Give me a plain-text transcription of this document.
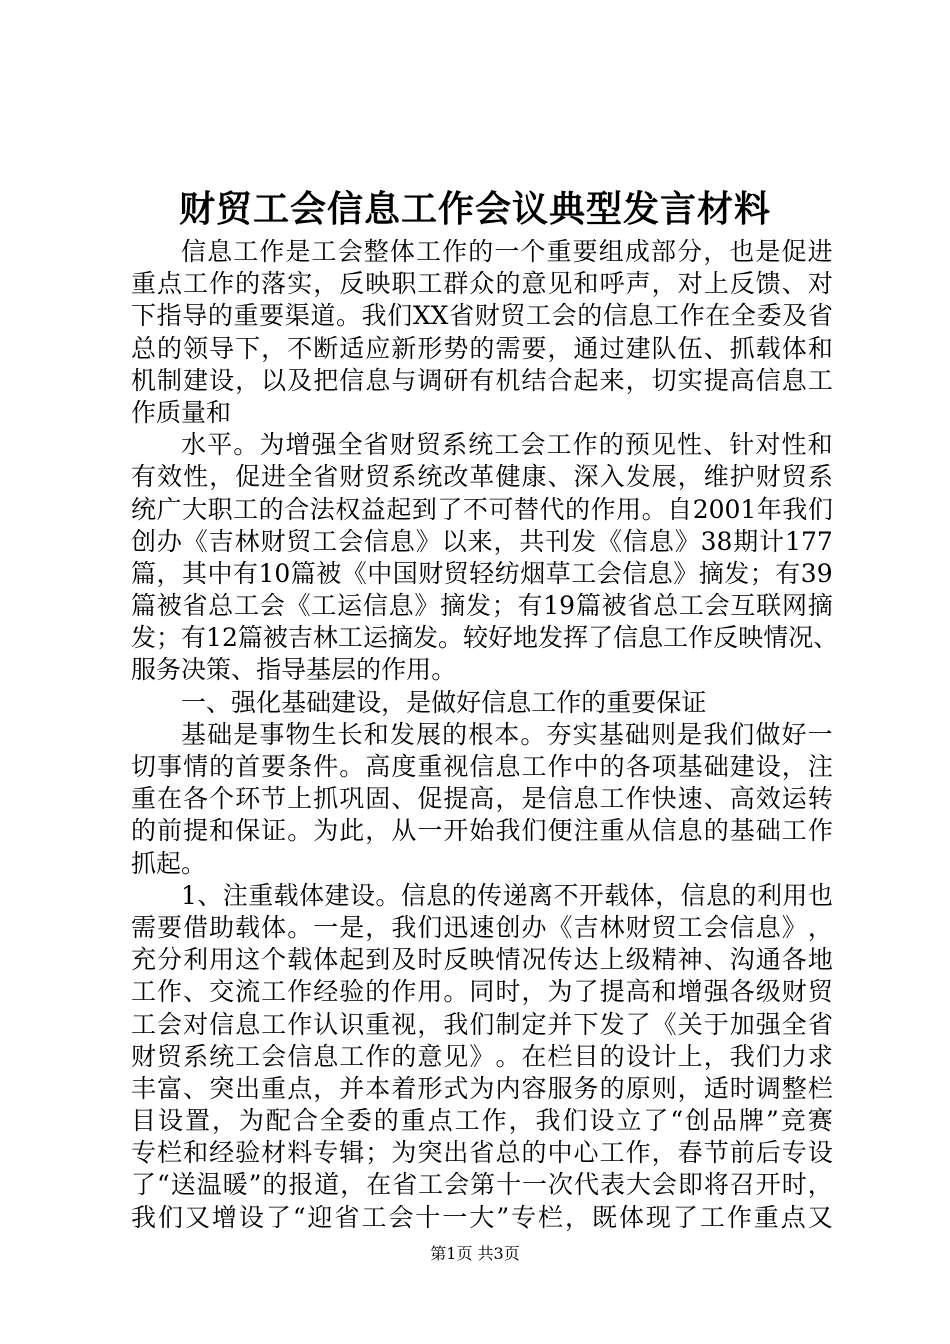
财贸工会信息工作会议典型发言材料
信 息 工 作 是 工 会 整 体 工 作 的 一 个 重 要 组 成 部 分 ， 也 是 促 进
重 点 工 作 的 落 实 ， 反 映 职 工 群 众 的 意 见 和 呼 声 ， 对 上 反 馈 、 对
下 指 导 的 重 要 渠 道 。 我 们 XX 省 财 贸 工 会 的 信 息 工 作 在 全 委 及 省
总 的 领 导 下 ， 不 断 适 应 新 形 势 的 需 要 ， 通 过 建 队 伍 、 抓 载 体 和
机 制 建 设 ， 以 及 把 信 息 与 调 研 有 机 结 合 起 来 ， 切 实 提 高 信 息 工
作 质 量 和
水 平 。 为 增 强 全 省 财 贸 系 统 工 会 工 作 的 预 见 性 、 针 对 性 和
有 效 性 ， 促 进 全 省 财 贸 系 统 改 革 健 康 、 深 入 发 展 ， 维 护 财 贸 系
统 广 大 职 工 的 合 法 权 益 起 到 了 不 可 替 代 的 作 用 。 自 2001 年 我 们
创 办 《 吉 林 财 贸 工 会 信 息 》 以 来 ， 共 刊 发 《 信 息 》 38 期 计 177
篇 ， 其 中 有 10 篇 被 《 中 国 财 贸 轻 纺 烟 草 工 会 信 息 》 摘 发 ； 有 39
篇 被 省 总 工 会 《 工 运 信 息 》 摘 发 ； 有 19 篇 被 省 总 工 会 互 联 网 摘
发 ； 有 12 篇 被 吉 林 工 运 摘 发 。 较 好 地 发 挥 了 信 息 工 作 反 映 情 况 、
服 务 决 策 、 指 导 基 层 的 作 用 。
一 、 强 化 基 础 建 设 ， 是 做 好 信 息 工 作 的 重 要 保 证
基 础 是 事 物 生 长 和 发 展 的 根 本 。 夯 实 基 础 则 是 我 们 做 好 一
切 事 情 的 首 要 条 件 。 高 度 重 视 信 息 工 作 中 的 各 项 基 础 建 设 ， 注
重 在 各 个 环 节 上 抓 巩 固 、 促 提 高 ， 是 信 息 工 作 快 速 、 高 效 运 转
的 前 提 和 保 证 。 为 此 ， 从 一 开 始 我 们 便 注 重 从 信 息 的 基 础 工 作
抓 起 。
1 、 注 重 载 体 建 设 。 信 息 的 传 递 离 不 开 载 体 ， 信 息 的 利 用 也
需 要 借 助 载 体 。 一 是 ， 我 们 迅 速 创 办 《 吉 林 财 贸 工 会 信 息 》 ，
充 分 利 用 这 个 载 体 起 到 及 时 反 映 情 况 传 达 上 级 精 神 、 沟 通 各 地
工 作 、 交 流 工 作 经 验 的 作 用 。 同 时 ， 为 了 提 高 和 增 强 各 级 财 贸
工 会 对 信 息 工 作 认 识 重 视 ， 我 们 制 定 并 下 发 了 《 关 于 加 强 全 省
财 贸 系 统 工 会 信 息 工 作 的 意 见 》 。 在 栏 目 的 设 计 上 ， 我 们 力 求
丰 富 、 突 出 重 点 ， 并 本 着 形 式 为 内 容 服 务 的 原 则 ， 适 时 调 整 栏
目 设 置 ， 为 配 合 全 委 的 重 点 工 作 ， 我 们 设 立 了 “ 创 品 牌 ” 竞 赛
专 栏 和 经 验 材 料 专 辑 ； 为 突 出 省 总 的 中 心 工 作 ， 春 节 前 后 专 设
了 “ 送 温 暖 ” 的 报 道 ， 在 省 工 会 第 十 一 次 代 表 大 会 即 将 召 开 时 ，
我 们 又 增 设 了 “ 迎 省 工 会 十 一 大 ” 专 栏 ， 既 体 现 了 工 作 重 点 又
第1页 共3页
